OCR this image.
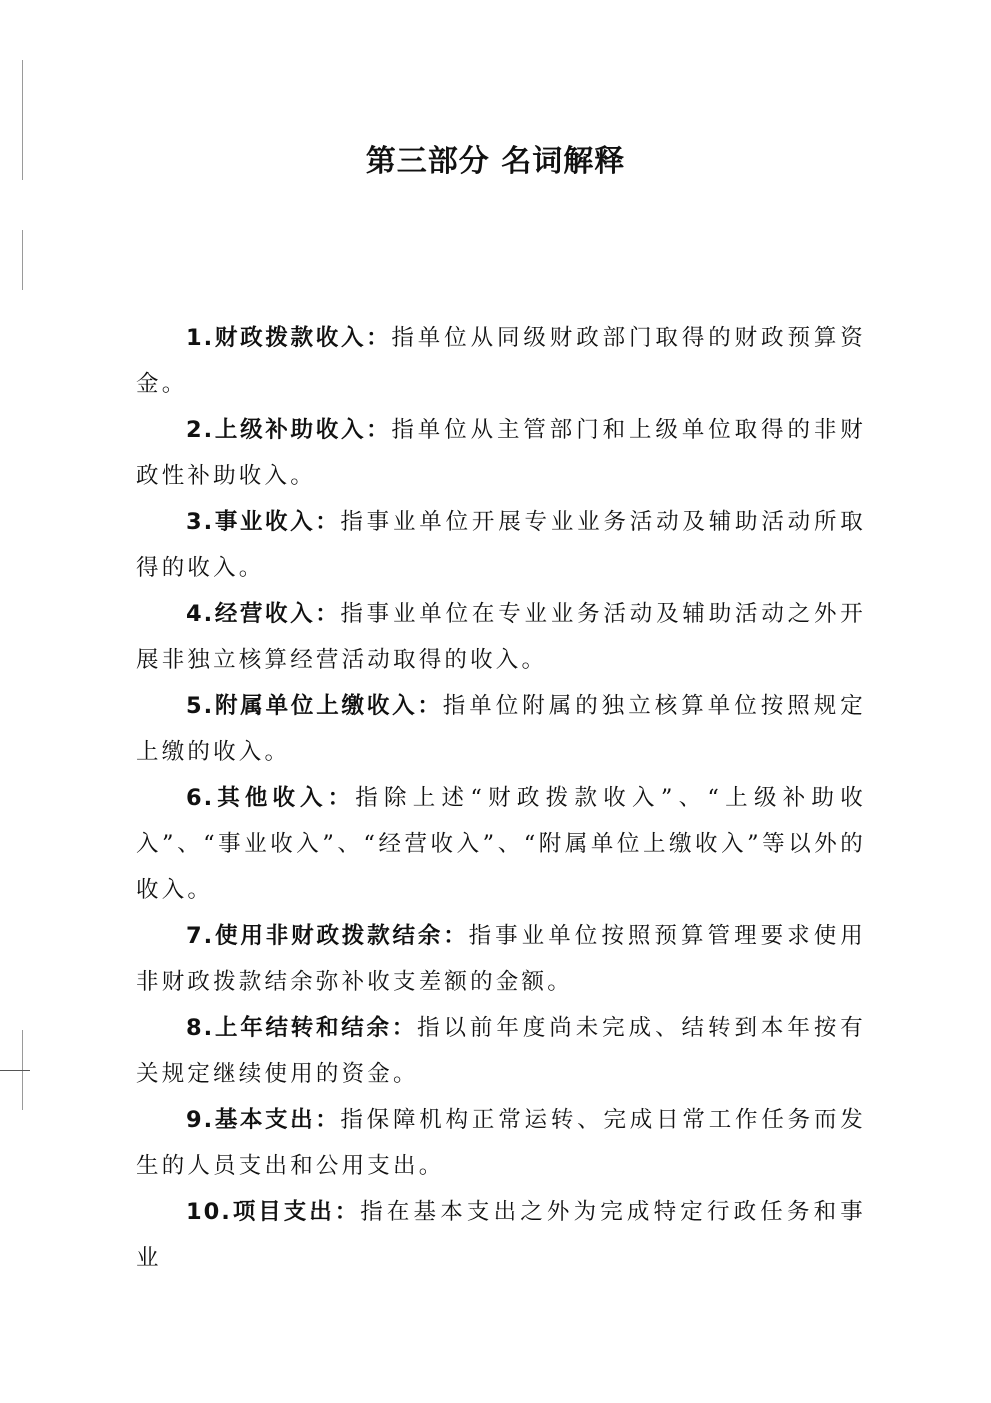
第三部分 名词解释

1.财政拨款收入：指单位从同级财政部门取得的财政预算资金。

2.上级补助收入：指单位从主管部门和上级单位取得的非财政性补助收入。

3.事业收入：指事业单位开展专业业务活动及辅助活动所取得的收入。

4.经营收入：指事业单位在专业业务活动及辅助活动之外开展非独立核算经营活动取得的收入。

5.附属单位上缴收入：指单位附属的独立核算单位按照规定上缴的收入。

6.其他收入：指除上述“财政拨款收入”、“上级补助收入”、“事业收入”、“经营收入”、“附属单位上缴收入”等以外的收入。

7.使用非财政拨款结余：指事业单位按照预算管理要求使用非财政拨款结余弥补收支差额的金额。

8.上年结转和结余：指以前年度尚未完成、结转到本年按有关规定继续使用的资金。

9.基本支出：指保障机构正常运转、完成日常工作任务而发生的人员支出和公用支出。

10.项目支出：指在基本支出之外为完成特定行政任务和事业
